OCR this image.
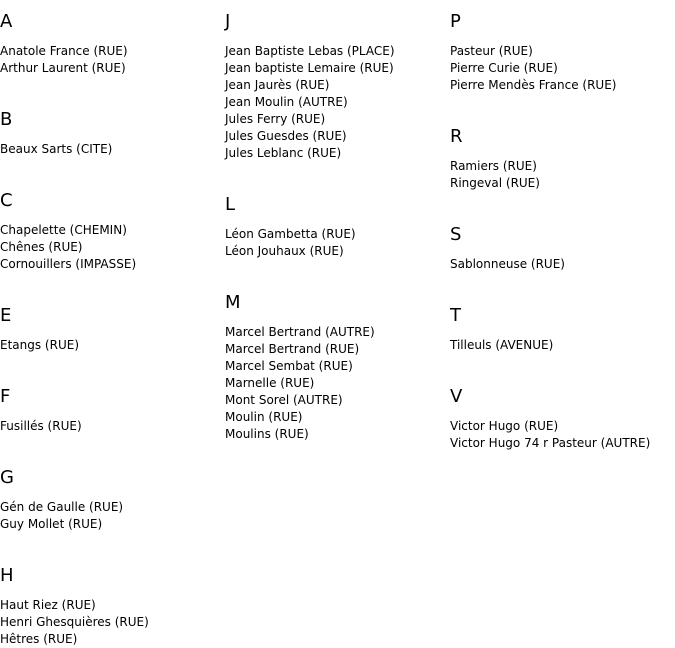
A
Anatole France (RUE)
Arthur Laurent (RUE)
B
Beaux Sarts (CITE)
C
Chapelette (CHEMIN)
Chênes (RUE)
Cornouillers (IMPASSE)
E
Etangs (RUE)
F
Fusillés (RUE)
G
Gén de Gaulle (RUE)
Guy Mollet (RUE)
H
Haut Riez (RUE)
Henri Ghesquières (RUE)
Hêtres (RUE)
J
Jean Baptiste Lebas (PLACE)
Jean baptiste Lemaire (RUE)
Jean Jaurès (RUE)
Jean Moulin (AUTRE)
Jules Ferry (RUE)
Jules Guesdes (RUE)
Jules Leblanc (RUE)
L
Léon Gambetta (RUE)
Léon Jouhaux (RUE)
M
Marcel Bertrand (AUTRE)
Marcel Bertrand (RUE)
Marcel Sembat (RUE)
Marnelle (RUE)
Mont Sorel (AUTRE)
Moulin (RUE)
Moulins (RUE)
P
Pasteur (RUE)
Pierre Curie (RUE)
Pierre Mendès France (RUE)
R
Ramiers (RUE)
Ringeval (RUE)
S
Sablonneuse (RUE)
T
Tilleuls (AVENUE)
V
Victor Hugo (RUE)
Victor Hugo 74 r Pasteur (AUTRE)
